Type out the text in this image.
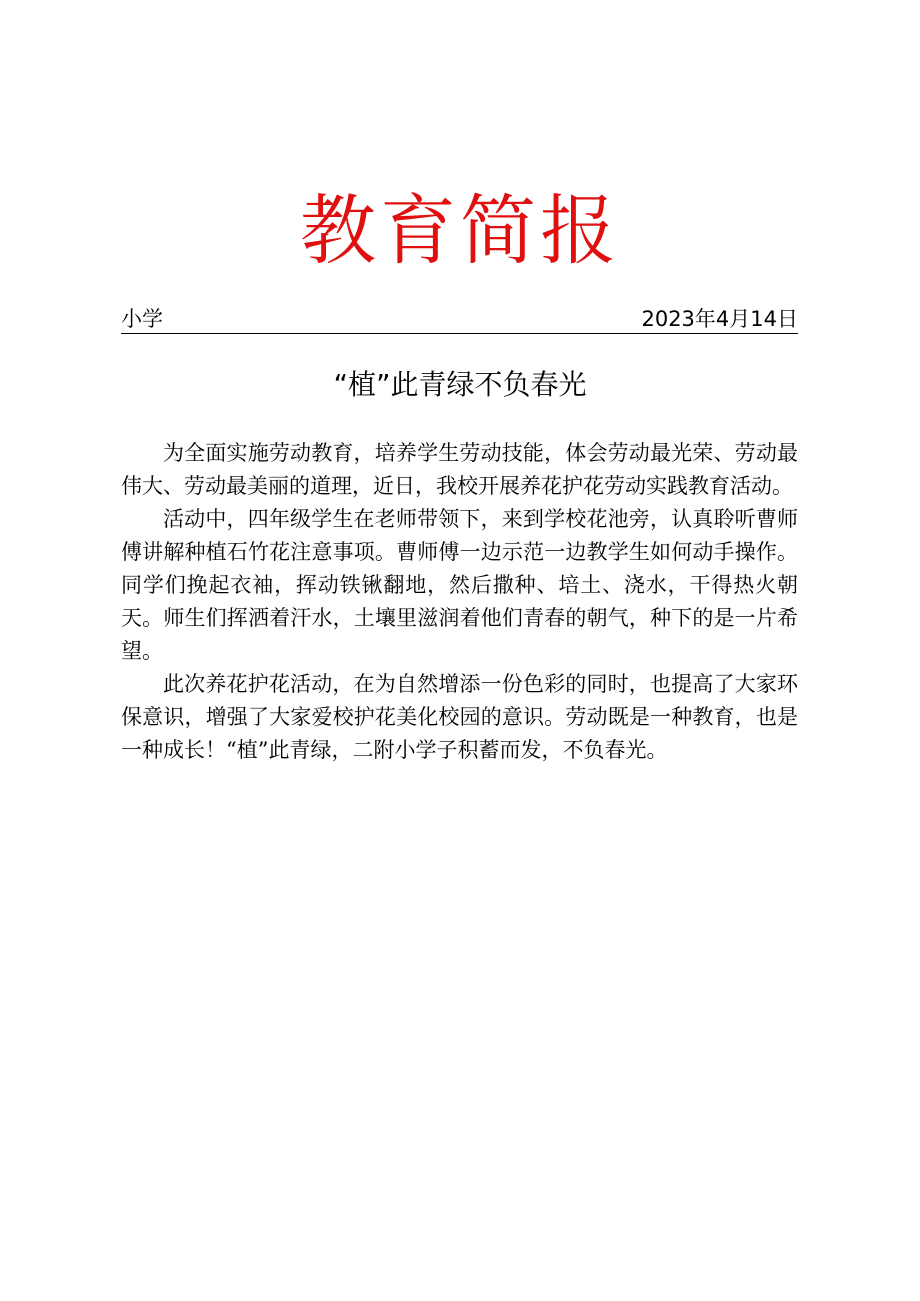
教育简报
小学	2023年4月14日
“植”此青绿不负春光

为全面实施劳动教育，培养学生劳动技能，体会劳动最光荣、劳动最伟大、劳动最美丽的道理，近日，我校开展养花护花劳动实践教育活动。

活动中，四年级学生在老师带领下，来到学校花池旁，认真聆听曹师傅讲解种植石竹花注意事项。曹师傅一边示范一边教学生如何动手操作。同学们挽起衣袖，挥动铁锹翻地，然后撒种、培土、浇水，干得热火朝天。师生们挥洒着汗水，土壤里滋润着他们青春的朝气，种下的是一片希望。

此次养花护花活动，在为自然增添一份色彩的同时，也提高了大家环保意识，增强了大家爱校护花美化校园的意识。劳动既是一种教育，也是一种成长！“植”此青绿，二附小学子积蓄而发，不负春光。
